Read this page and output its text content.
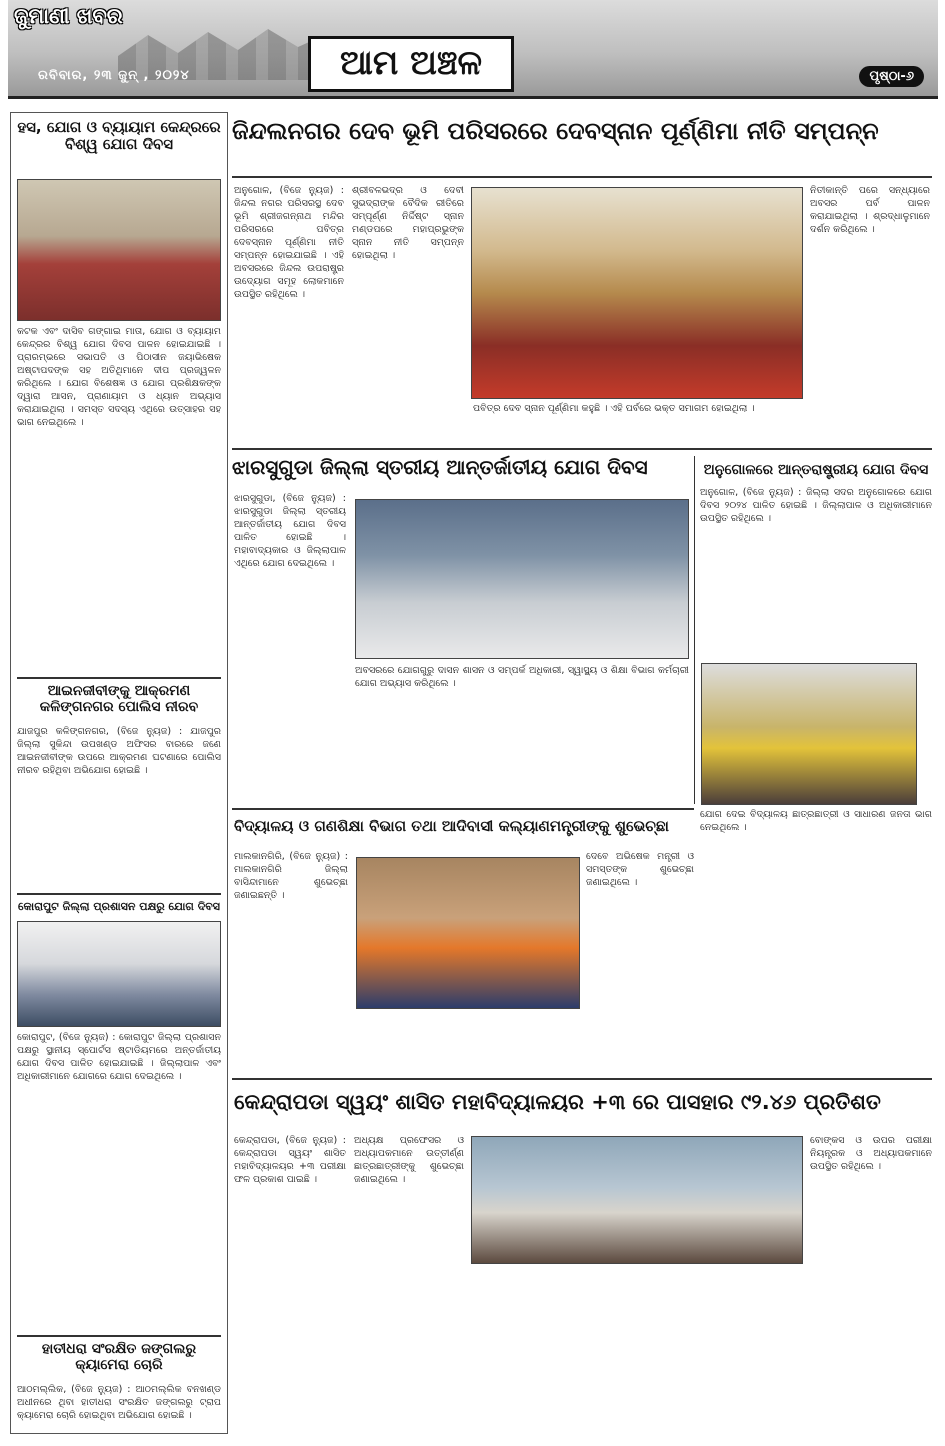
ଜୁମାଣୀ ଖବର
ରବିବାର, ୨୩ ଜୁନ୍ , ୨୦୨୪	ଆମ ଅଞ୍ଚଳ	ପୃଷ୍ଠା-୬
ହସ, ଯୋଗ ଓ ବ୍ୟାୟାମ କେନ୍ଦ୍ରରେ ବିଶ୍ୱ ଯୋଗ ଦିବସ
କଟକ ଏବଂ ଦାସିବ ଗଙ୍ଗାଇ ମାତା, ଯୋଗ ଓ ବ୍ୟାୟାମ କେନ୍ଦ୍ରର ବିଶ୍ୱ ଯୋଗ ଦିବସ ପାଳନ ହୋଇଯାଇଛି । ପ୍ରାରମ୍ଭରେ ସଭାପତି ଓ ପିଠାସୀନ ଜୟାଭିଷେକ ଅଷ୍ଟାପଦଙ୍କ ସହ ଅତିଥିମାନେ ଦୀପ ପ୍ରଜ୍ୱଳନ କରିଥିଲେ । ଯୋଗ ବିଶେଷଜ୍ଞ ଓ ଯୋଗ ପ୍ରଶିକ୍ଷକଙ୍କ ଦ୍ୱାରା ଆସନ, ପ୍ରାଣାୟାମ ଓ ଧ୍ୟାନ ଅଭ୍ୟାସ କରାଯାଇଥିଲା । ସମସ୍ତ ସଦସ୍ୟ ଏଥିରେ ଉତ୍ସାହର ସହ ଭାଗ ନେଇଥିଲେ ।
ଆଇନଜୀବୀଙ୍କୁ ଆକ୍ରମଣ କଳିଙ୍ଗନଗର ପୋଲିସ ନୀରବ
ଯାଜପୁର କଳିଙ୍ଗନଗର, (ବିଜେ ନ୍ୟୁଜ) : ଯାଜପୁର ଜିଲ୍ଲା ସୁକିନ୍ଦା ଉପଖଣ୍ଡ ଅଫିସର ବାରରେ ଜଣେ ଆଇନଜୀବୀଙ୍କ ଉପରେ ଆକ୍ରମଣ ଘଟଣାରେ ପୋଲିସ ନୀରବ ରହିଥିବା ଅଭିଯୋଗ ହୋଇଛି ।
କୋରାପୁଟ ଜିଲ୍ଲା ପ୍ରଶାସନ ପକ୍ଷରୁ ଯୋଗ ଦିବସ
କୋରାପୁଟ, (ବିଜେ ନ୍ୟୁଜ) : କୋରାପୁଟ ଜିଲ୍ଲା ପ୍ରଶାସନ ପକ୍ଷରୁ ସ୍ଥାନୀୟ ସ୍ପୋର୍ଟସ ଷ୍ଟାଡିୟମରେ ଅନ୍ତର୍ଜାତୀୟ ଯୋଗ ଦିବସ ପାଳିତ ହୋଇଯାଇଛି । ଜିଲ୍ଲାପାଳ ଏବଂ ଅଧିକାରୀମାନେ ଯୋଗରେ ଯୋଗ ଦେଇଥିଲେ ।
ହାତୀଧରା ସଂରକ୍ଷିତ ଜଙ୍ଗଲରୁ କ୍ୟାମେରା ଚୋରି
ଆଠମଲ୍ଲିକ, (ବିଜେ ନ୍ୟୁଜ) : ଆଠମଲ୍ଲିକ ବନଖଣ୍ଡ ଅଧୀନରେ ଥିବା ହାତୀଧରା ସଂରକ୍ଷିତ ଜଙ୍ଗଲରୁ ଟ୍ରାପ କ୍ୟାମେରା ଚୋରି ହୋଇଥିବା ଅଭିଯୋଗ ହୋଇଛି ।
ଜିନ୍ଦଲନଗର ଦେବ ଭୂମି ପରିସରରେ ଦେବସ୍ନାନ ପୂର୍ଣ୍ଣିମା ନୀତି ସମ୍ପନ୍ନ
ଅନୁଗୋଳ, (ବିଜେ ନ୍ୟୁଜ) : ଜିନ୍ଦଲ ନଗର ପରିସରସ୍ଥ ଦେବ ଭୂମି ଶ୍ରୀଜଗନ୍ନାଥ ମନ୍ଦିର ପରିସରରେ ପବିତ୍ର ଦେବସ୍ନାନ ପୂର୍ଣ୍ଣିମା ନୀତି ସମ୍ପନ୍ନ ହୋଇଯାଇଛି । ଏହି ଅବସରରେ ଜିନ୍ଦଲ ଉପରାଷ୍ଟ୍ର ଉଦ୍ୟୋଗ ସମୂହ ଲୋକମାନେ ଉପସ୍ଥିତ ରହିଥିଲେ ।
ଶ୍ରୀବଳଭଦ୍ର ଓ ଦେବୀ ସୁଭଦ୍ରାଙ୍କ ବୈଦିକ ରୀତିରେ ସମ୍ପୂର୍ଣ୍ଣ ନିର୍ଦ୍ଦିଷ୍ଟ ସ୍ନାନ ମଣ୍ଡପରେ ମହାପ୍ରଭୁଙ୍କ ସ୍ନାନ ନୀତି ସମ୍ପନ୍ନ ହୋଇଥିଲା ।
ପବିତ୍ର ଦେବ ସ୍ନାନ ପୂର୍ଣ୍ଣିମା କହୁଛି । ଏହି ପର୍ବରେ ଭକ୍ତ ସମାଗମ ହୋଇଥିଲା ।
ନିତୀକାନ୍ତି ପରେ ସନ୍ଧ୍ୟାରେ ଅବସର ପର୍ବ ପାଳନ କରାଯାଇଥିଲା । ଶ୍ରଦ୍ଧାଳୁମାନେ ଦର୍ଶନ କରିଥିଲେ ।
ଝାରସୁଗୁଡା ଜିଲ୍ଲା ସ୍ତରୀୟ ଆନ୍ତର୍ଜାତୀୟ ଯୋଗ ଦିବସ
ଝାରସୁଗୁଡା, (ବିଜେ ନ୍ୟୁଜ) : ଝାରସୁଗୁଡା ଜିଲ୍ଲା ସ୍ତରୀୟ ଆନ୍ତର୍ଜାତୀୟ ଯୋଗ ଦିବସ ପାଳିତ ହୋଇଛି । ମହାବାଦ୍ୟକାର ଓ ଜିଲ୍ଲାପାଳ ଏଥିରେ ଯୋଗ ଦେଇଥିଲେ ।
ଅବସରରେ ଯୋଗଗୁରୁ ଦାସନ ଶାସନ ଓ ସମ୍ପର୍କ ଅଧିକାରୀ, ସ୍ୱାସ୍ଥ୍ୟ ଓ ଶିକ୍ଷା ବିଭାଗ କର୍ମଚାରୀ ଯୋଗ ଅଭ୍ୟାସ କରିଥିଲେ ।
ଅନୁଗୋଳରେ ଆନ୍ତରାଷ୍ଟ୍ରୀୟ ଯୋଗ ଦିବସ
ଅନୁଗୋଳ, (ବିଜେ ନ୍ୟୁଜ) : ଜିଲ୍ଲା ସଦର ଅନୁଗୋଳରେ ଯୋଗ ଦିବସ ୨୦୨୪ ପାଳିତ ହୋଇଛି । ଜିଲ୍ଲାପାଳ ଓ ଅଧିକାରୀମାନେ ଉପସ୍ଥିତ ରହିଥିଲେ ।
ଯୋଗ ଦେଇ ବିଦ୍ୟାଳୟ ଛାତ୍ରଛାତ୍ରୀ ଓ ସାଧାରଣ ଜନତା ଭାଗ ନେଇଥିଲେ ।
ବିଦ୍ୟାଳୟ ଓ ଗଣଶିକ୍ଷା ବିଭାଗ ତଥା ଆଦିବାସୀ କଲ୍ୟାଣମନ୍ତ୍ରୀଙ୍କୁ ଶୁଭେଚ୍ଛା
ମାଲକାନଗିରି, (ବିଜେ ନ୍ୟୁଜ) : ମାଲକାନଗିରି ଜିଲ୍ଲା ବାସିନ୍ଦାମାନେ ଶୁଭେଚ୍ଛା ଜଣାଇଛନ୍ତି ।
ଦେବେ ଅଭିଷେକ ମନ୍ତ୍ରୀ ଓ ସମସ୍ତଙ୍କ ଶୁଭେଚ୍ଛା ଜଣାଇଥିଲେ ।
କେନ୍ଦ୍ରାପଡା ସ୍ୱୟଂ ଶାସିତ ମହାବିଦ୍ୟାଳୟର +୩ ରେ ପାସହାର ୯୨.୪୬ ପ୍ରତିଶତ
କେନ୍ଦ୍ରାପଡା, (ବିଜେ ନ୍ୟୁଜ) : କେନ୍ଦ୍ରାପଡା ସ୍ୱୟଂ ଶାସିତ ମହାବିଦ୍ୟାଳୟର +୩ ପରୀକ୍ଷା ଫଳ ପ୍ରକାଶ ପାଇଛି ।
ଅଧ୍ୟକ୍ଷ ପ୍ରଫେସର ଓ ଅଧ୍ୟାପକମାନେ ଉତ୍ତୀର୍ଣ୍ଣ ଛାତ୍ରଛାତ୍ରୀଙ୍କୁ ଶୁଭେଚ୍ଛା ଜଣାଇଥିଲେ ।
ବୋଙ୍କସ ଓ ଉପର ପରୀକ୍ଷା ନିୟନ୍ତ୍ରକ ଓ ଅଧ୍ୟାପକମାନେ ଉପସ୍ଥିତ ରହିଥିଲେ ।
